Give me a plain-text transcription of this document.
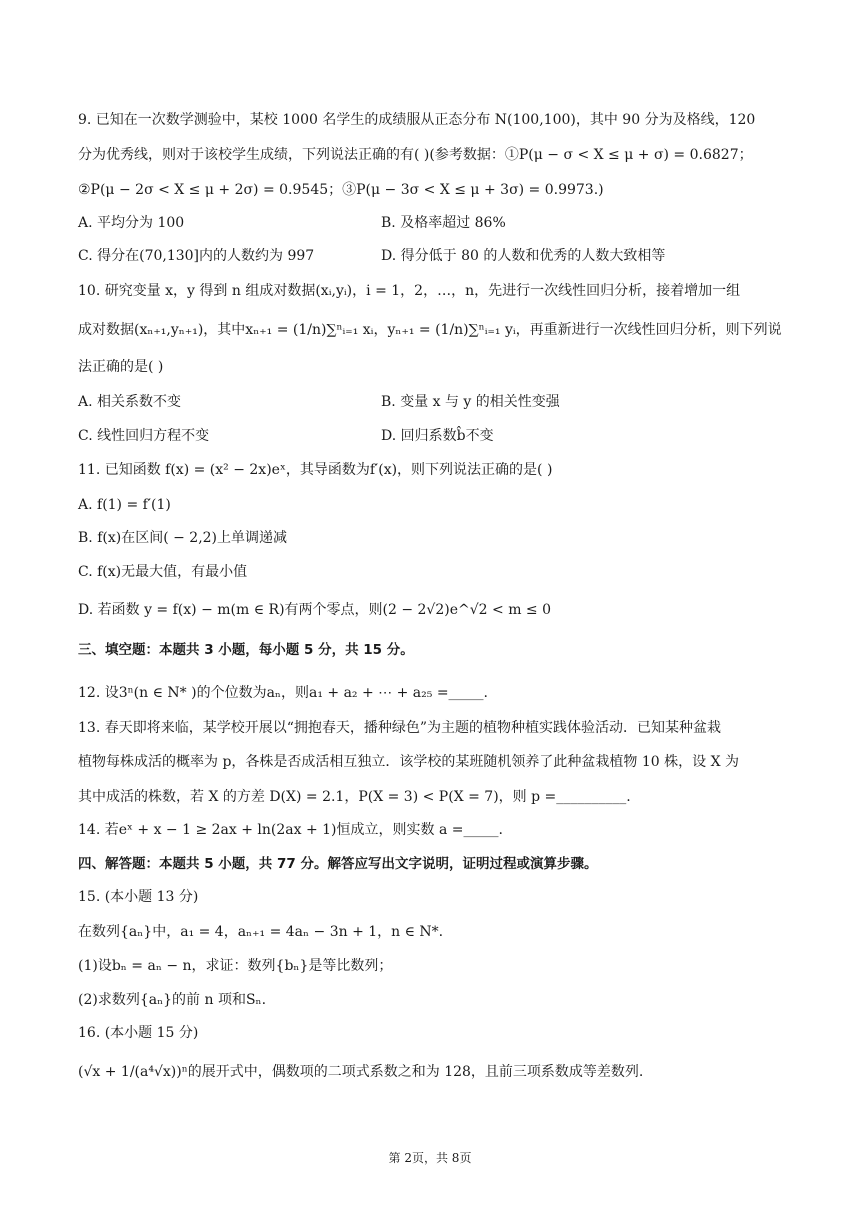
9. 已知在一次数学测验中，某校 1000 名学生的成绩服从正态分布 N(100,100)，其中 90 分为及格线，120
分为优秀线，则对于该校学生成绩，下列说法正确的有( )(参考数据：①P(μ − σ < X ≤ μ + σ) = 0.6827；
②P(μ − 2σ < X ≤ μ + 2σ) = 0.9545；③P(μ − 3σ < X ≤ μ + 3σ) = 0.9973.)
A. 平均分为 100	B. 及格率超过 86%
C. 得分在(70,130]内的人数约为 997	D. 得分低于 80 的人数和优秀的人数大致相等
10. 研究变量 x，y 得到 n 组成对数据(xᵢ,yᵢ)，i = 1，2，…，n，先进行一次线性回归分析，接着增加一组
成对数据(xₙ₊₁,yₙ₊₁)，其中xₙ₊₁ = (1/n)∑ⁿᵢ₌₁ xᵢ，yₙ₊₁ = (1/n)∑ⁿᵢ₌₁ yᵢ，再重新进行一次线性回归分析，则下列说
法正确的是( )
A. 相关系数不变	B. 变量 x 与 y 的相关性变强
C. 线性回归方程不变	D. 回归系数b̂不变
11. 已知函数 f(x) = (x² − 2x)eˣ，其导函数为f′(x)，则下列说法正确的是( )
A. f(1) = f′(1)
B. f(x)在区间( − 2,2)上单调递减
C. f(x)无最大值，有最小值
D. 若函数 y = f(x) − m(m ∈ R)有两个零点，则(2 − 2√2)e^√2 < m ≤ 0
三、填空题：本题共 3 小题，每小题 5 分，共 15 分。
12. 设3ⁿ(n ∈ N* )的个位数为aₙ，则a₁ + a₂ + ⋯ + a₂₅ =_____.
13. 春天即将来临，某学校开展以“拥抱春天，播种绿色”为主题的植物种植实践体验活动．已知某种盆栽
植物每株成活的概率为 p，各株是否成活相互独立．该学校的某班随机领养了此种盆栽植物 10 株，设 X 为
其中成活的株数，若 X 的方差 D(X) = 2.1，P(X = 3) < P(X = 7)，则 p =__________.
14. 若eˣ + x − 1 ≥ 2ax + ln(2ax + 1)恒成立，则实数 a =_____.
四、解答题：本题共 5 小题，共 77 分。解答应写出文字说明，证明过程或演算步骤。
15. (本小题 13 分)
在数列{aₙ}中，a₁ = 4，aₙ₊₁ = 4aₙ − 3n + 1，n ∈ N*.
(1)设bₙ = aₙ − n，求证：数列{bₙ}是等比数列；
(2)求数列{aₙ}的前 n 项和Sₙ.
16. (本小题 15 分)
(√x + 1/(a⁴√x))ⁿ的展开式中，偶数项的二项式系数之和为 128，且前三项系数成等差数列.
第 2页，共 8页
